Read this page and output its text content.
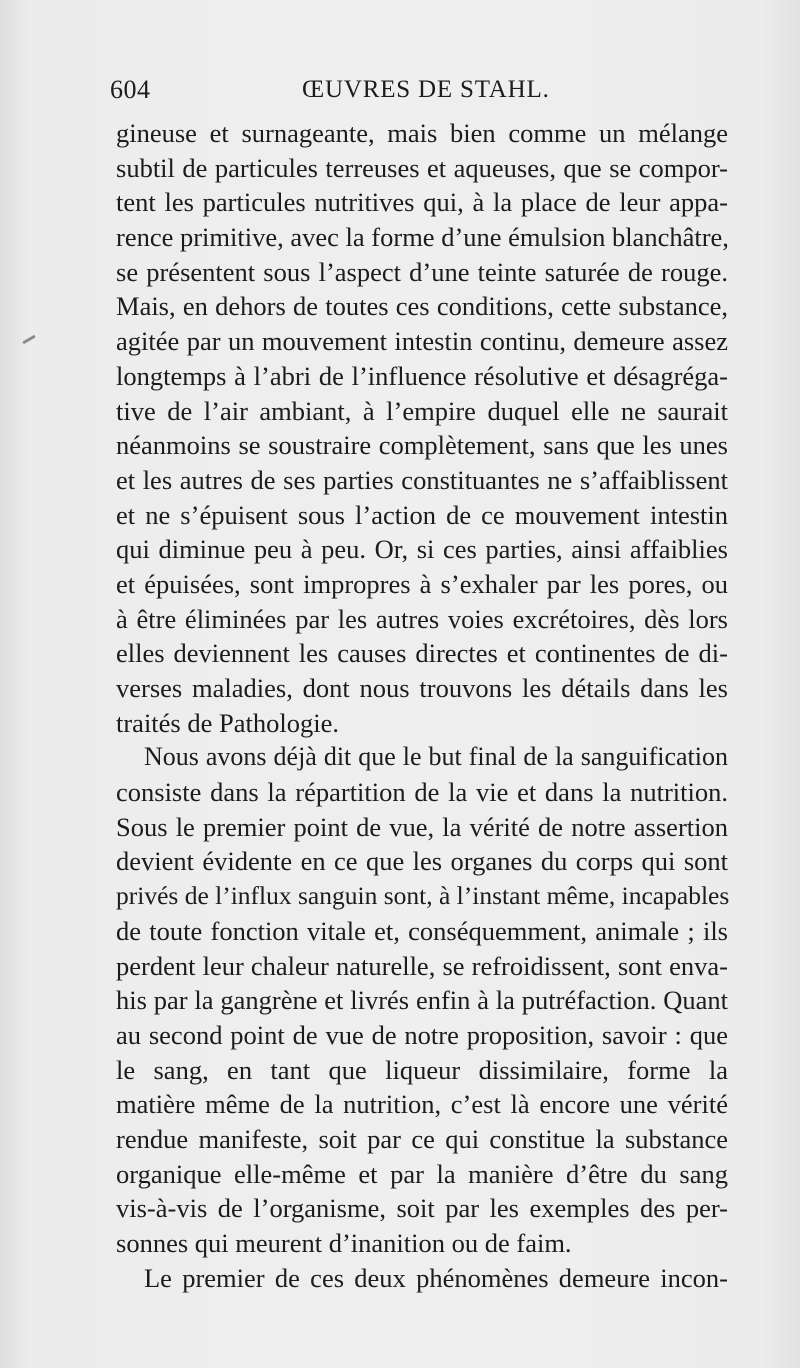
604	ŒUVRES DE STAHL.
gineuse et surnageante, mais bien comme un mélange
subtil de particules terreuses et aqueuses, que se compor-
tent les particules nutritives qui, à la place de leur appa-
rence primitive, avec la forme d’une émulsion blanchâtre,
se présentent sous l’aspect d’une teinte saturée de rouge.
Mais, en dehors de toutes ces conditions, cette substance,
agitée par un mouvement intestin continu, demeure assez
longtemps à l’abri de l’influence résolutive et désagréga-
tive de l’air ambiant, à l’empire duquel elle ne saurait
néanmoins se soustraire complètement, sans que les unes
et les autres de ses parties constituantes ne s’affaiblissent
et ne s’épuisent sous l’action de ce mouvement intestin
qui diminue peu à peu. Or, si ces parties, ainsi affaiblies
et épuisées, sont impropres à s’exhaler par les pores, ou
à être éliminées par les autres voies excrétoires, dès lors
elles deviennent les causes directes et continentes de di-
verses maladies, dont nous trouvons les détails dans les
traités de Pathologie.
Nous avons déjà dit que le but final de la sanguification
consiste dans la répartition de la vie et dans la nutrition.
Sous le premier point de vue, la vérité de notre assertion
devient évidente en ce que les organes du corps qui sont
privés de l’influx sanguin sont, à l’instant même, incapables
de toute fonction vitale et, conséquemment, animale ; ils
perdent leur chaleur naturelle, se refroidissent, sont enva-
his par la gangrène et livrés enfin à la putréfaction. Quant
au second point de vue de notre proposition, savoir : que
le sang, en tant que liqueur dissimilaire, forme la
matière même de la nutrition, c’est là encore une vérité
rendue manifeste, soit par ce qui constitue la substance
organique elle-même et par la manière d’être du sang
vis-à-vis de l’organisme, soit par les exemples des per-
sonnes qui meurent d’inanition ou de faim.
Le premier de ces deux phénomènes demeure incon-
